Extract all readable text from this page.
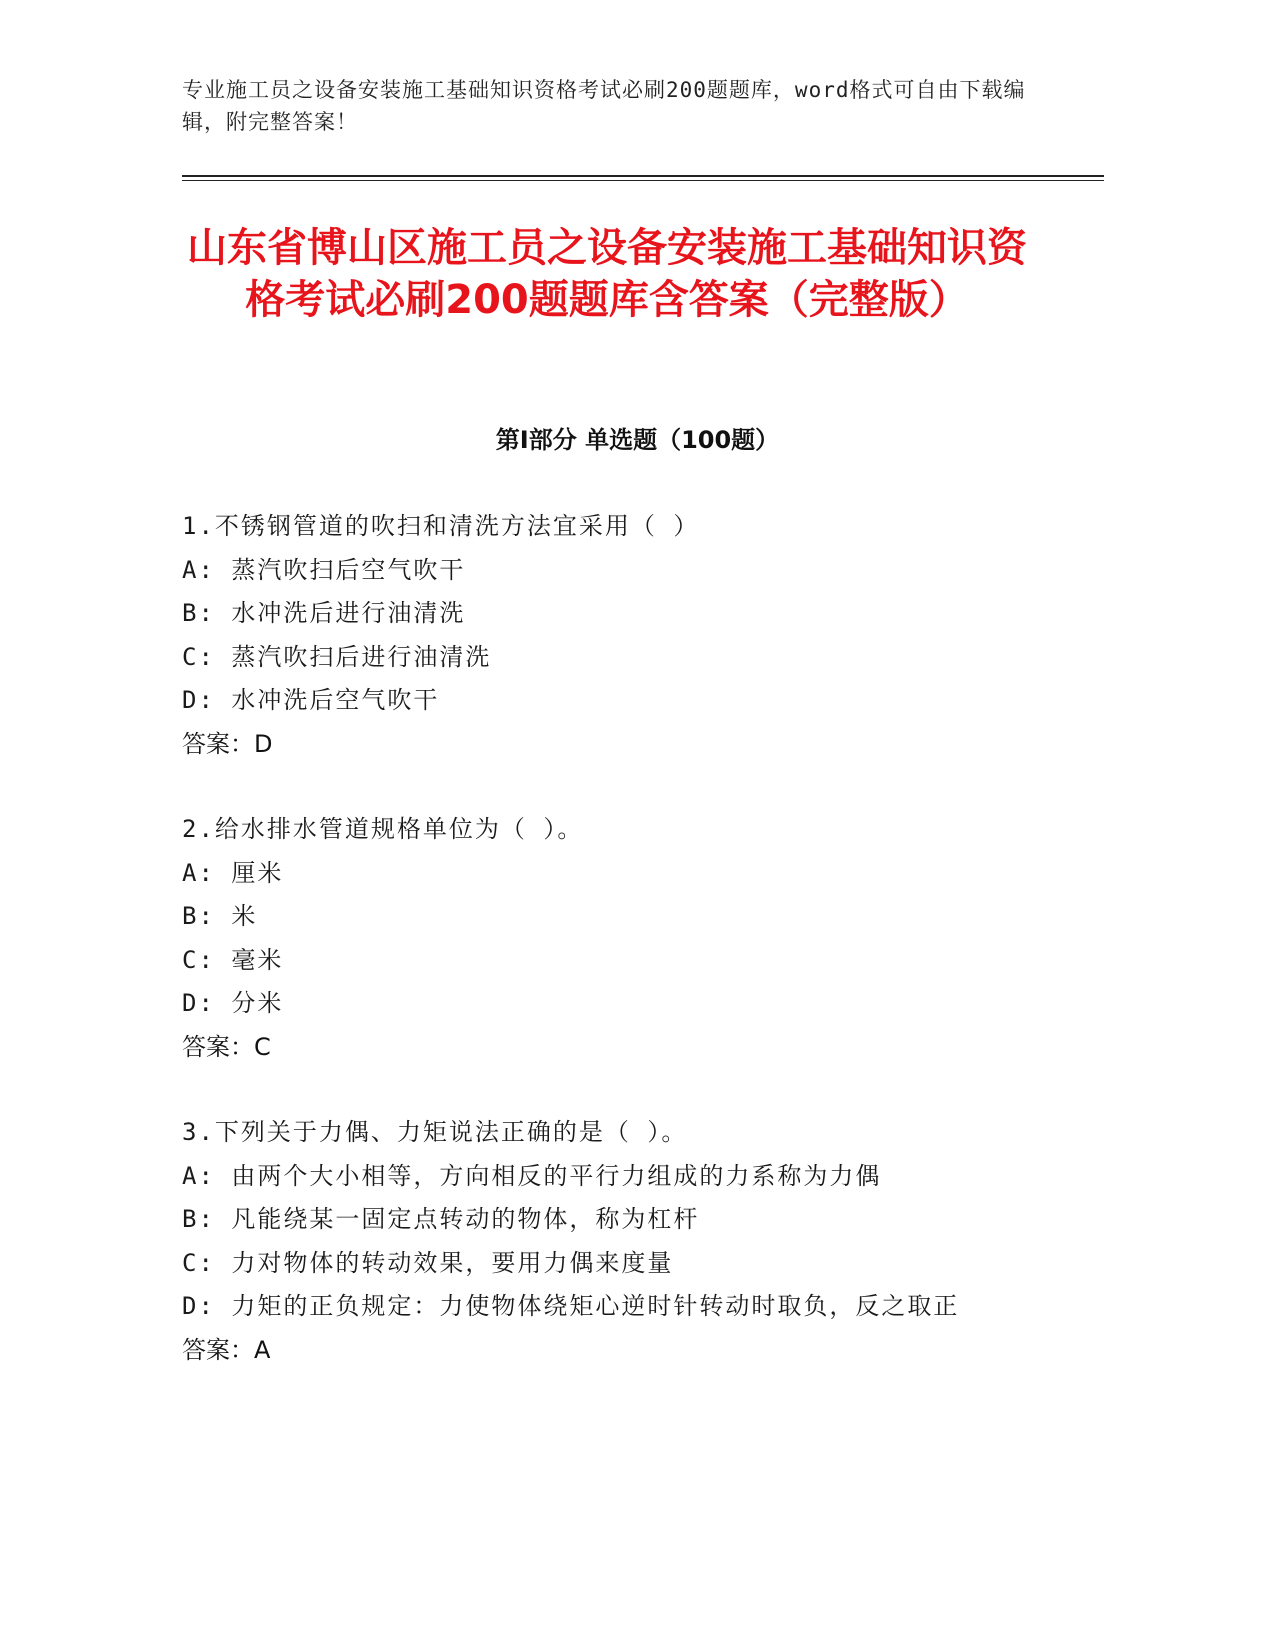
专业施工员之设备安装施工基础知识资格考试必刷200题题库，word格式可自由下载编辑，附完整答案！
山东省博山区施工员之设备安装施工基础知识资格考试必刷200题题库含答案（完整版）
第Ⅰ部分 单选题（100题）
1.不锈钢管道的吹扫和清洗方法宜采用（ ）
A: 蒸汽吹扫后空气吹干
B: 水冲洗后进行油清洗
C: 蒸汽吹扫后进行油清洗
D: 水冲洗后空气吹干
答案：D
2.给水排水管道规格单位为（ ）。
A: 厘米
B: 米
C: 毫米
D: 分米
答案：C
3.下列关于力偶、力矩说法正确的是（ ）。
A: 由两个大小相等，方向相反的平行力组成的力系称为力偶
B: 凡能绕某一固定点转动的物体，称为杠杆
C: 力对物体的转动效果，要用力偶来度量
D: 力矩的正负规定：力使物体绕矩心逆时针转动时取负，反之取正
答案：A
